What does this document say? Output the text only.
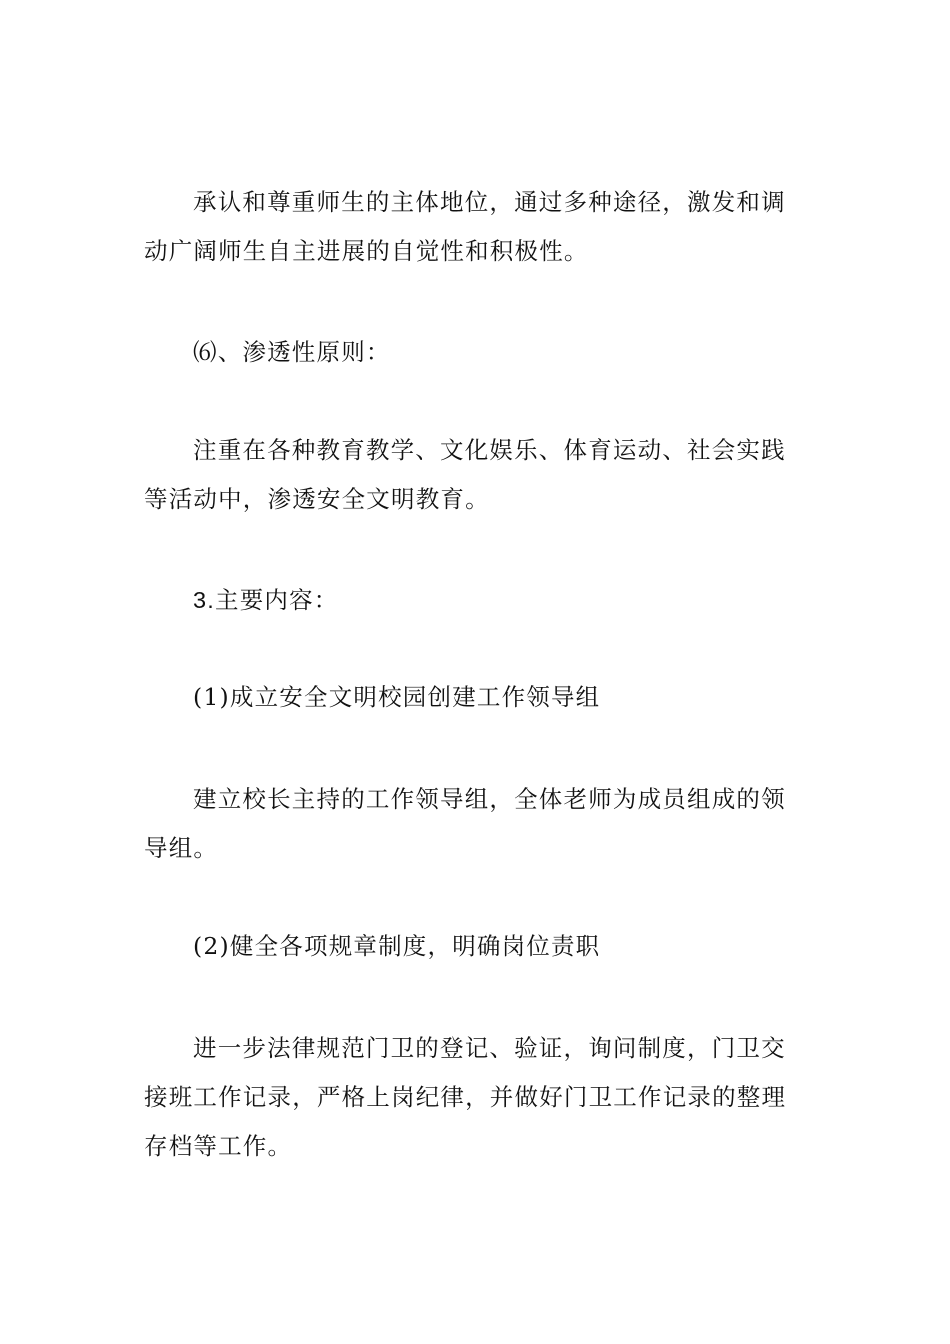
承认和尊重师生的主体地位，通过多种途径，激发和调动广阔师生自主进展的自觉性和积极性。

⑹、渗透性原则：

注重在各种教育教学、文化娱乐、体育运动、社会实践等活动中，渗透安全文明教育。

3.主要内容：

(1)成立安全文明校园创建工作领导组

建立校长主持的工作领导组，全体老师为成员组成的领导组。

(2)健全各项规章制度，明确岗位责职

进一步法律规范门卫的登记、验证，询问制度，门卫交接班工作记录，严格上岗纪律，并做好门卫工作记录的整理存档等工作。
